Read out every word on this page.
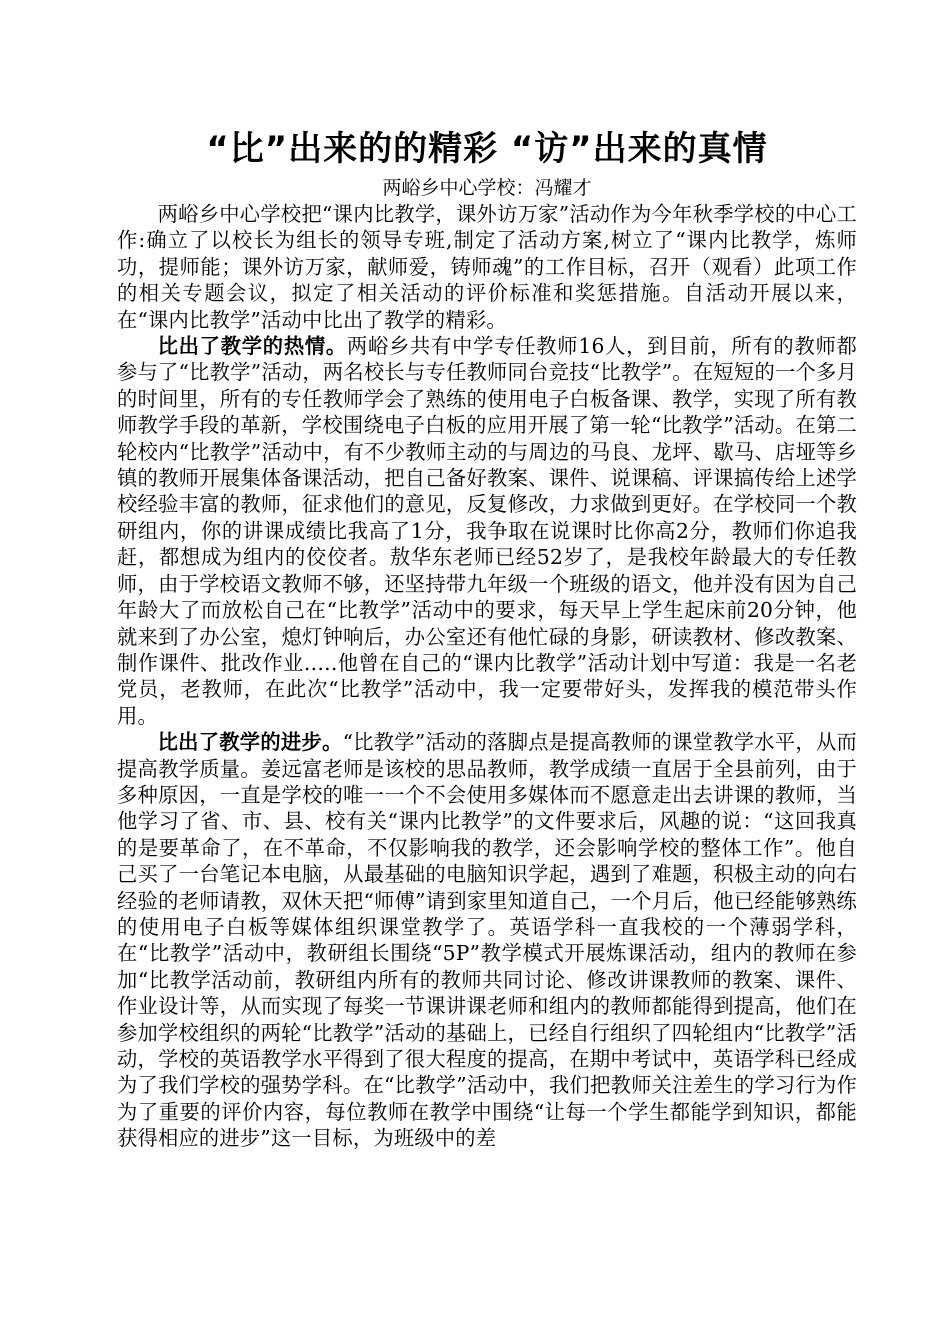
“比”出来的的精彩 “访”出来的真情
两峪乡中心学校：冯耀才

两峪乡中心学校把“课内比教学，课外访万家”活动作为今年秋季学校的中心工作:确立了以校长为组长的领导专班,制定了活动方案,树立了“课内比教学，炼师功，提师能；课外访万家，献师爱，铸师魂”的工作目标，召开（观看）此项工作的相关专题会议，拟定了相关活动的评价标准和奖惩措施。自活动开展以来，在“课内比教学”活动中比出了教学的精彩。

比出了教学的热情。两峪乡共有中学专任教师16人，到目前，所有的教师都参与了“比教学”活动，两名校长与专任教师同台竞技“比教学”。在短短的一个多月的时间里，所有的专任教师学会了熟练的使用电子白板备课、教学，实现了所有教师教学手段的革新，学校围绕电子白板的应用开展了第一轮“比教学”活动。在第二轮校内“比教学”活动中，有不少教师主动的与周边的马良、龙坪、歇马、店垭等乡镇的教师开展集体备课活动，把自己备好教案、课件、说课稿、评课搞传给上述学校经验丰富的教师，征求他们的意见，反复修改，力求做到更好。在学校同一个教研组内，你的讲课成绩比我高了1分，我争取在说课时比你高2分，教师们你追我赶，都想成为组内的佼佼者。敖华东老师已经52岁了，是我校年龄最大的专任教师，由于学校语文教师不够，还坚持带九年级一个班级的语文，他并没有因为自己年龄大了而放松自己在“比教学”活动中的要求，每天早上学生起床前20分钟，他就来到了办公室，熄灯钟响后，办公室还有他忙碌的身影，研读教材、修改教案、制作课件、批改作业…..他曾在自己的“课内比教学”活动计划中写道：我是一名老党员，老教师，在此次“比教学”活动中，我一定要带好头，发挥我的模范带头作用。

比出了教学的进步。“比教学”活动的落脚点是提高教师的课堂教学水平，从而提高教学质量。姜远富老师是该校的思品教师，教学成绩一直居于全县前列，由于多种原因，一直是学校的唯一一个不会使用多媒体而不愿意走出去讲课的教师，当他学习了省、市、县、校有关“课内比教学”的文件要求后，风趣的说：“这回我真的是要革命了，在不革命，不仅影响我的教学，还会影响学校的整体工作”。他自己买了一台笔记本电脑，从最基础的电脑知识学起，遇到了难题，积极主动的向右经验的老师请教，双休天把“师傅”请到家里知道自己，一个月后，他已经能够熟练的使用电子白板等媒体组织课堂教学了。英语学科一直我校的一个薄弱学科，在“比教学”活动中，教研组长围绕“5P”教学模式开展炼课活动，组内的教师在参加“比教学活动前，教研组内所有的教师共同讨论、修改讲课教师的教案、课件、作业设计等，从而实现了每奖一节课讲课老师和组内的教师都能得到提高，他们在参加学校组织的两轮“比教学”活动的基础上，已经自行组织了四轮组内“比教学”活动，学校的英语教学水平得到了很大程度的提高，在期中考试中，英语学科已经成为了我们学校的强势学科。在“比教学”活动中，我们把教师关注差生的学习行为作为了重要的评价内容，每位教师在教学中围绕“让每一个学生都能学到知识，都能获得相应的进步”这一目标，为班级中的差
